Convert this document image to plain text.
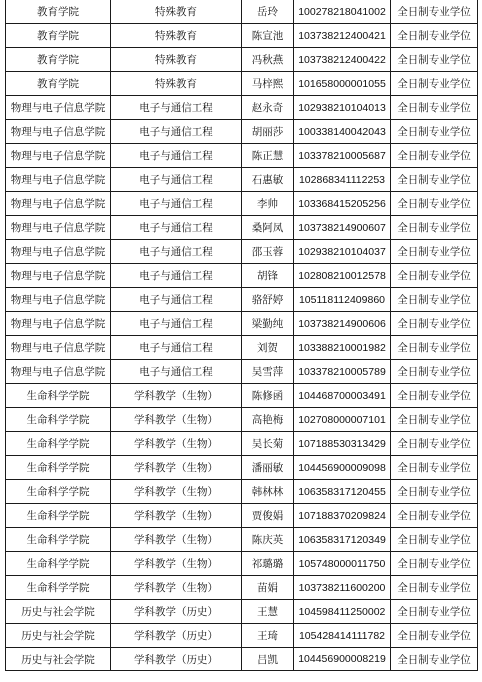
教育学院	特殊教育	岳玲	100278218041002	全日制专业学位
教育学院	特殊教育	陈宣池	103738212400421	全日制专业学位
教育学院	特殊教育	冯秋燕	103738212400422	全日制专业学位
教育学院	特殊教育	马梓熙	101658000001055	全日制专业学位
物理与电子信息学院	电子与通信工程	赵永奇	102938210104013	全日制专业学位
物理与电子信息学院	电子与通信工程	胡丽莎	100338140042043	全日制专业学位
物理与电子信息学院	电子与通信工程	陈正慧	103378210005687	全日制专业学位
物理与电子信息学院	电子与通信工程	石惠敏	102868341112253	全日制专业学位
物理与电子信息学院	电子与通信工程	李帅	103368415205256	全日制专业学位
物理与电子信息学院	电子与通信工程	桑阿凤	103738214900607	全日制专业学位
物理与电子信息学院	电子与通信工程	邵玉蓉	102938210104037	全日制专业学位
物理与电子信息学院	电子与通信工程	胡锋	102808210012578	全日制专业学位
物理与电子信息学院	电子与通信工程	骆舒婷	105118112409860	全日制专业学位
物理与电子信息学院	电子与通信工程	梁勤纯	103738214900606	全日制专业学位
物理与电子信息学院	电子与通信工程	刘贺	103388210001982	全日制专业学位
物理与电子信息学院	电子与通信工程	吴雪萍	103378210005789	全日制专业学位
生命科学学院	学科教学（生物）	陈修函	104468700003491	全日制专业学位
生命科学学院	学科教学（生物）	高艳梅	102708000007101	全日制专业学位
生命科学学院	学科教学（生物）	吴长菊	107188530313429	全日制专业学位
生命科学学院	学科教学（生物）	潘丽敏	104456900009098	全日制专业学位
生命科学学院	学科教学（生物）	韩林林	106358317120455	全日制专业学位
生命科学学院	学科教学（生物）	贾俊娟	107188370209824	全日制专业学位
生命科学学院	学科教学（生物）	陈庆英	106358317120349	全日制专业学位
生命科学学院	学科教学（生物）	祁璐璐	105748000011750	全日制专业学位
生命科学学院	学科教学（生物）	苗娟	103738211600200	全日制专业学位
历史与社会学院	学科教学（历史）	王慧	104598411250002	全日制专业学位
历史与社会学院	学科教学（历史）	王琦	105428414111782	全日制专业学位
历史与社会学院	学科教学（历史）	吕凯	104456900008219	全日制专业学位
